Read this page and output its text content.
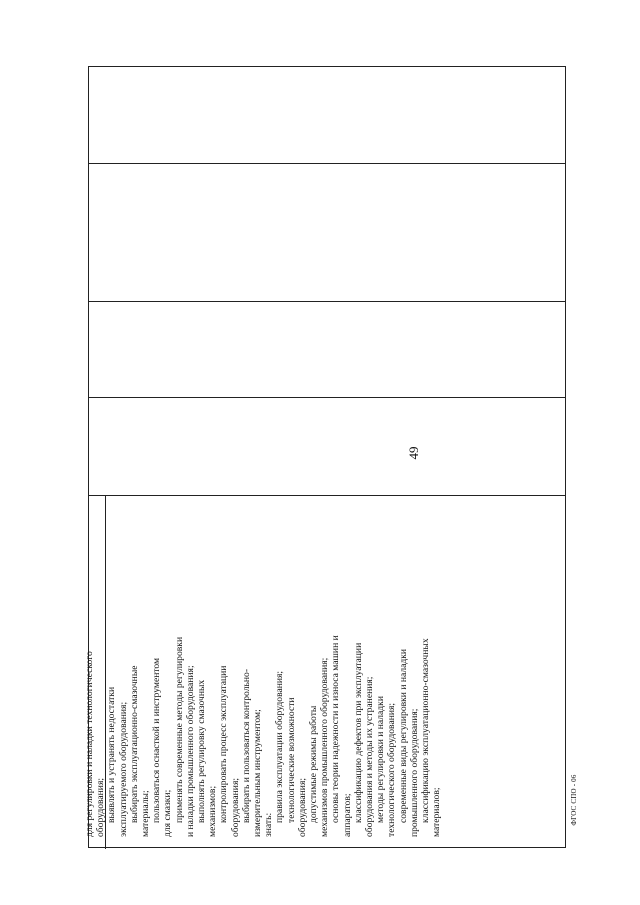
49
для регулировки и наладки технологического оборудования; выявлять и устранять недостатки эксплуатируемого оборудования; выбирать эксплуатационно-смазочные материалы; пользоваться оснасткой и инструментом для смазки; применять современные методы регулировки и наладки промышленного оборудования; выполнять регулировку смазочных механизмов; контролировать процесс эксплуатации оборудования; выбирать и пользоваться контрольно- измерительным инструментом; знать:
правила эксплуатации оборудования; технологические возможности оборудования; допустимые режимы работы механизмов промышленного оборудования; основы теории надежности и износа машин и аппаратов; классификацию дефектов при эксплуатации оборудования и методы их устранения; методы регулировки и наладки технологического оборудования; современные виды регулировки и наладки промышленного оборудования; классификацию эксплуатационно-смазочных материалов;	ФГОС СПО - 06
